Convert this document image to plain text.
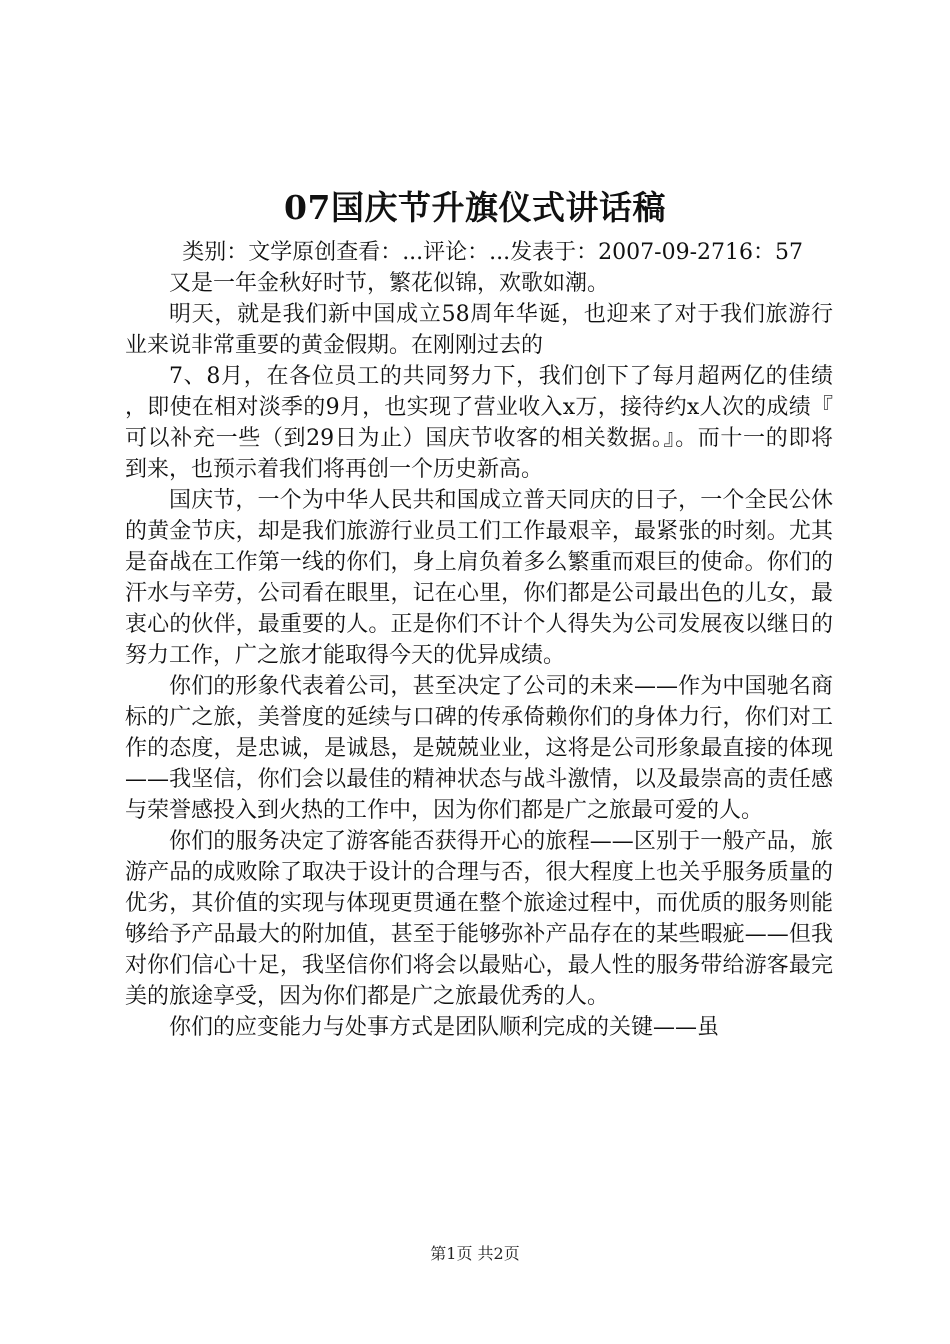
07国庆节升旗仪式讲话稿

类别：文学原创查看：...评论：...发表于：2007-09-2716：57

又是一年金秋好时节，繁花似锦，欢歌如潮。

明天，就是我们新中国成立58周年华诞，也迎来了对于我们旅游行业来说非常重要的黄金假期。在刚刚过去的

7、8月，在各位员工的共同努力下，我们创下了每月超两亿的佳绩，即使在相对淡季的9月，也实现了营业收入x万，接待约x人次的成绩『可以补充一些（到29日为止）国庆节收客的相关数据。』。而十一的即将到来，也预示着我们将再创一个历史新高。

国庆节，一个为中华人民共和国成立普天同庆的日子，一个全民公休的黄金节庆，却是我们旅游行业员工们工作最艰辛，最紧张的时刻。尤其是奋战在工作第一线的你们，身上肩负着多么繁重而艰巨的使命。你们的汗水与辛劳，公司看在眼里，记在心里，你们都是公司最出色的儿女，最衷心的伙伴，最重要的人。正是你们不计个人得失为公司发展夜以继日的努力工作，广之旅才能取得今天的优异成绩。

你们的形象代表着公司，甚至决定了公司的未来——作为中国驰名商标的广之旅，美誉度的延续与口碑的传承倚赖你们的身体力行，你们对工作的态度，是忠诚，是诚恳，是兢兢业业，这将是公司形象最直接的体现——我坚信，你们会以最佳的精神状态与战斗激情，以及最崇高的责任感与荣誉感投入到火热的工作中，因为你们都是广之旅最可爱的人。

你们的服务决定了游客能否获得开心的旅程——区别于一般产品，旅游产品的成败除了取决于设计的合理与否，很大程度上也关乎服务质量的优劣，其价值的实现与体现更贯通在整个旅途过程中，而优质的服务则能够给予产品最大的附加值，甚至于能够弥补产品存在的某些暇疵——但我对你们信心十足，我坚信你们将会以最贴心，最人性的服务带给游客最完美的旅途享受，因为你们都是广之旅最优秀的人。

你们的应变能力与处事方式是团队顺利完成的关键——虽

第1页 共2页
